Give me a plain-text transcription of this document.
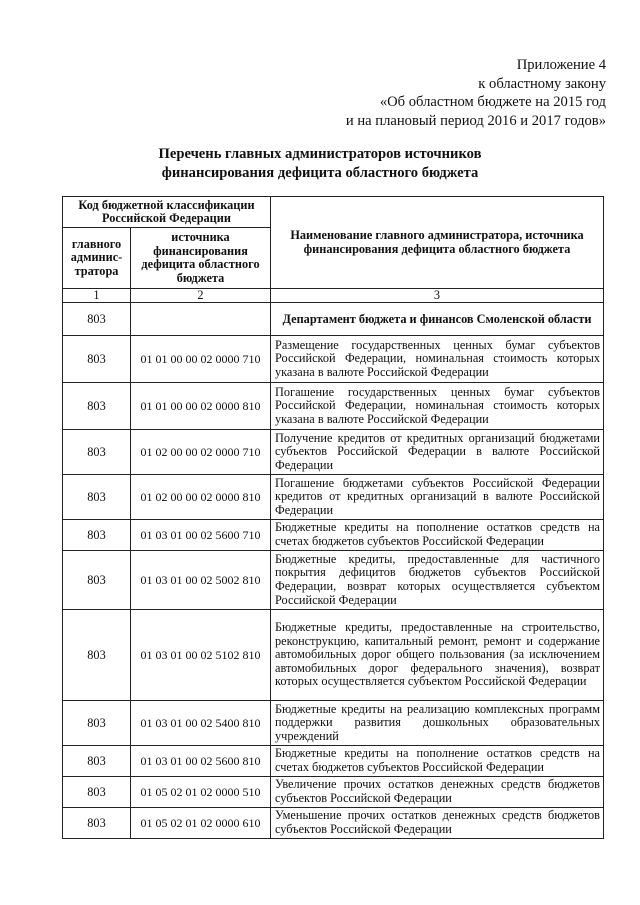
Приложение 4
к областному закону
«Об областном бюджете на 2015 год
и на плановый период 2016 и 2017 годов»
Перечень главных администраторов источников
финансирования дефицита областного бюджета
Код бюджетной классификации Российской Федерации		Наименование главного администратора, источника финансирования дефицита областного бюджета
главного админис-тратора	источника финансирования дефицита областного бюджета	
1	2	3
803		Департамент бюджета и финансов Смоленской области
803	01 01 00 00 02 0000 710	Размещение государственных ценных бумаг субъектов Российской Федерации, номинальная стоимость которых указана в валюте Российской Федерации
803	01 01 00 00 02 0000 810	Погашение государственных ценных бумаг субъектов Российской Федерации, номинальная стоимость которых указана в валюте Российской Федерации
803	01 02 00 00 02 0000 710	Получение кредитов от кредитных организаций бюджетами субъектов Российской Федерации в валюте Российской Федерации
803	01 02 00 00 02 0000 810	Погашение бюджетами субъектов Российской Федерации кредитов от кредитных организаций в валюте Российской Федерации
803	01 03 01 00 02 5600 710	Бюджетные кредиты на пополнение остатков средств на счетах бюджетов субъектов Российской Федерации
803	01 03 01 00 02 5002 810	Бюджетные кредиты, предоставленные для частичного покрытия дефицитов бюджетов субъектов Российской Федерации, возврат которых осуществляется субъектом Российской Федерации
803	01 03 01 00 02 5102 810	Бюджетные кредиты, предоставленные на строительство, реконструкцию, капитальный ремонт, ремонт и содержание автомобильных дорог общего пользования (за исключением автомобильных дорог федерального значения), возврат которых осуществляется субъектом Российской Федерации
803	01 03 01 00 02 5400 810	Бюджетные кредиты на реализацию комплексных программ поддержки развития дошкольных образовательных учреждений
803	01 03 01 00 02 5600 810	Бюджетные кредиты на пополнение остатков средств на счетах бюджетов субъектов Российской Федерации
803	01 05 02 01 02 0000 510	Увеличение прочих остатков денежных средств бюджетов субъектов Российской Федерации
803	01 05 02 01 02 0000 610	Уменьшение прочих остатков денежных средств бюджетов субъектов Российской Федерации
